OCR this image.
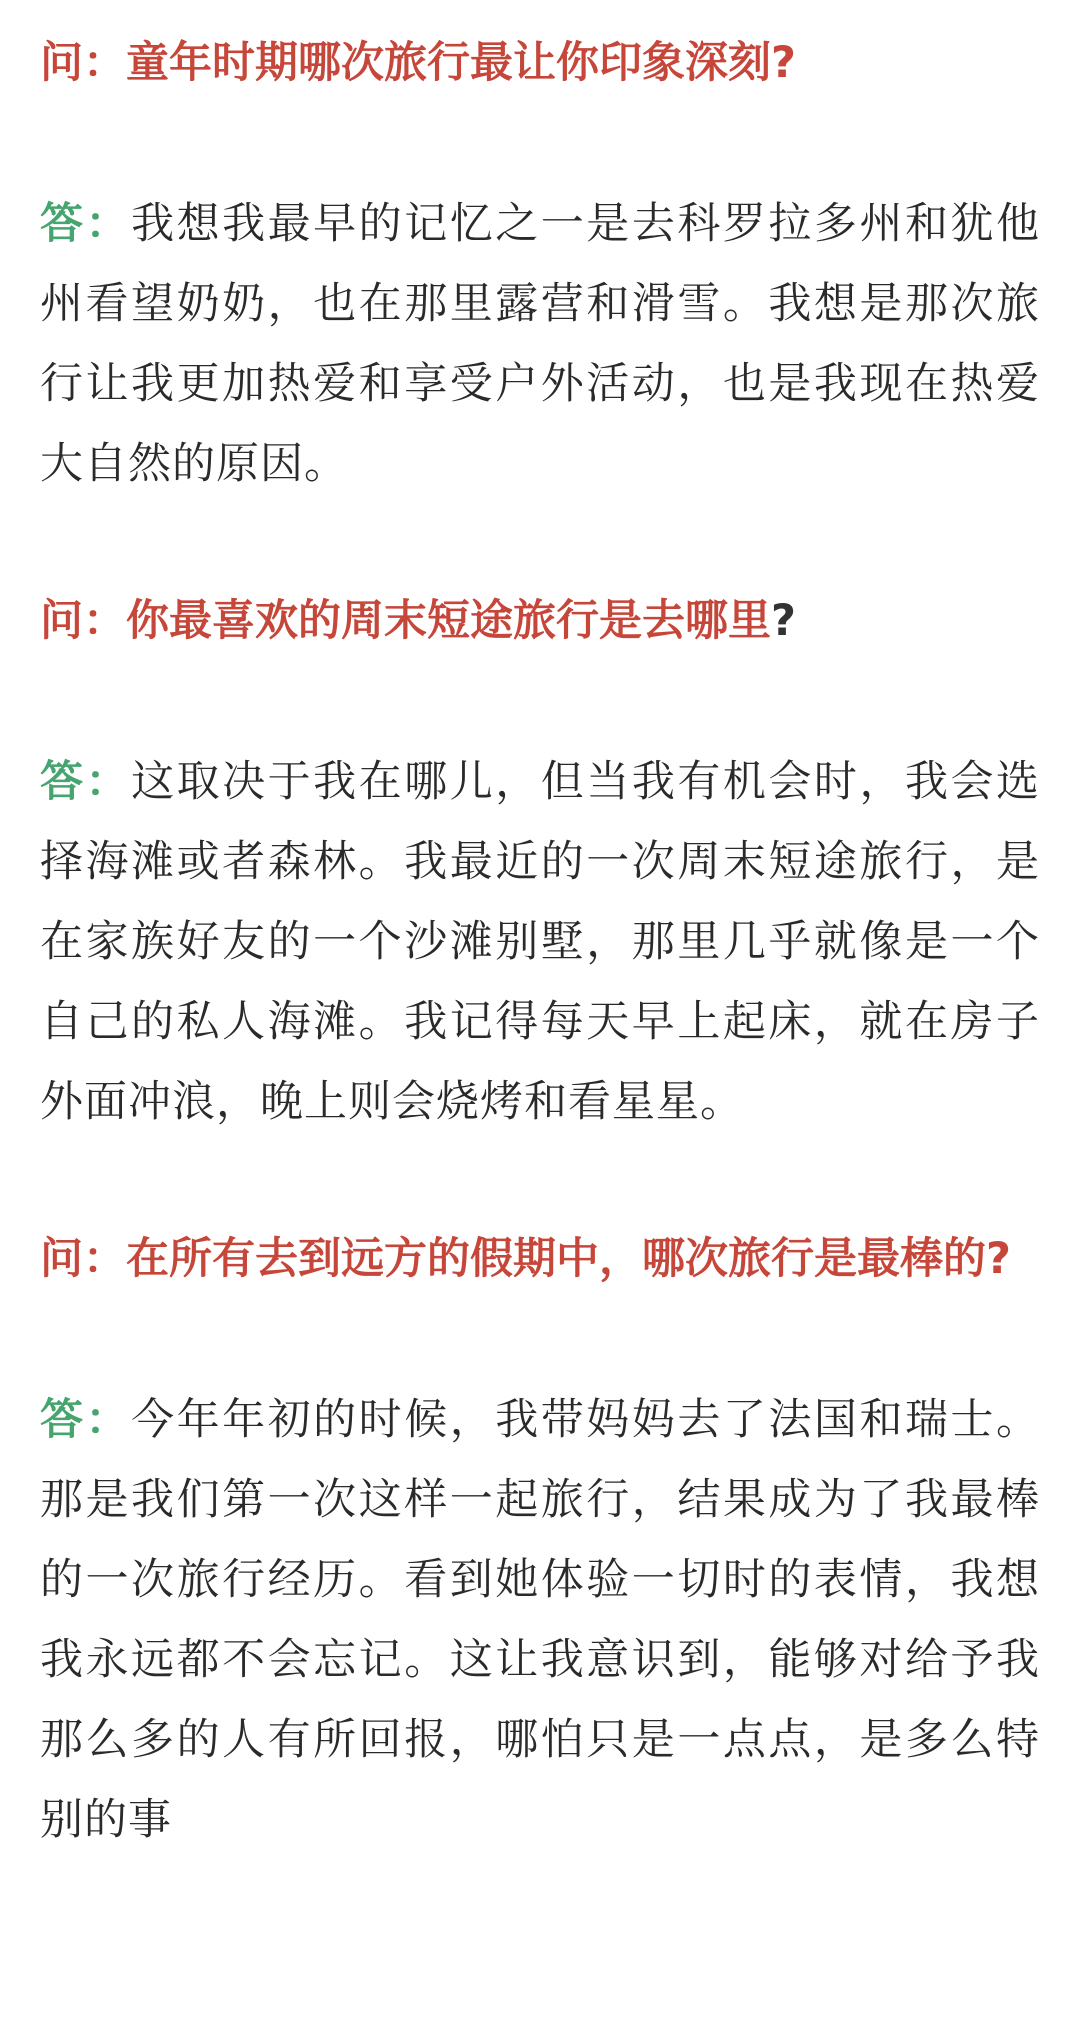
问：童年时期哪次旅行最让你印象深刻?

答：我想我最早的记忆之一是去科罗拉多州和犹他州看望奶奶，也在那里露营和滑雪。我想是那次旅行让我更加热爱和享受户外活动，也是我现在热爱大自然的原因。

问：你最喜欢的周末短途旅行是去哪里?

答：这取决于我在哪儿，但当我有机会时，我会选择海滩或者森林。我最近的一次周末短途旅行，是在家族好友的一个沙滩别墅，那里几乎就像是一个自己的私人海滩。我记得每天早上起床，就在房子外面冲浪，晚上则会烧烤和看星星。

问：在所有去到远方的假期中，哪次旅行是最棒的?

答：今年年初的时候，我带妈妈去了法国和瑞士。那是我们第一次这样一起旅行，结果成为了我最棒的一次旅行经历。看到她体验一切时的表情，我想我永远都不会忘记。这让我意识到，能够对给予我那么多的人有所回报，哪怕只是一点点，是多么特别的事
